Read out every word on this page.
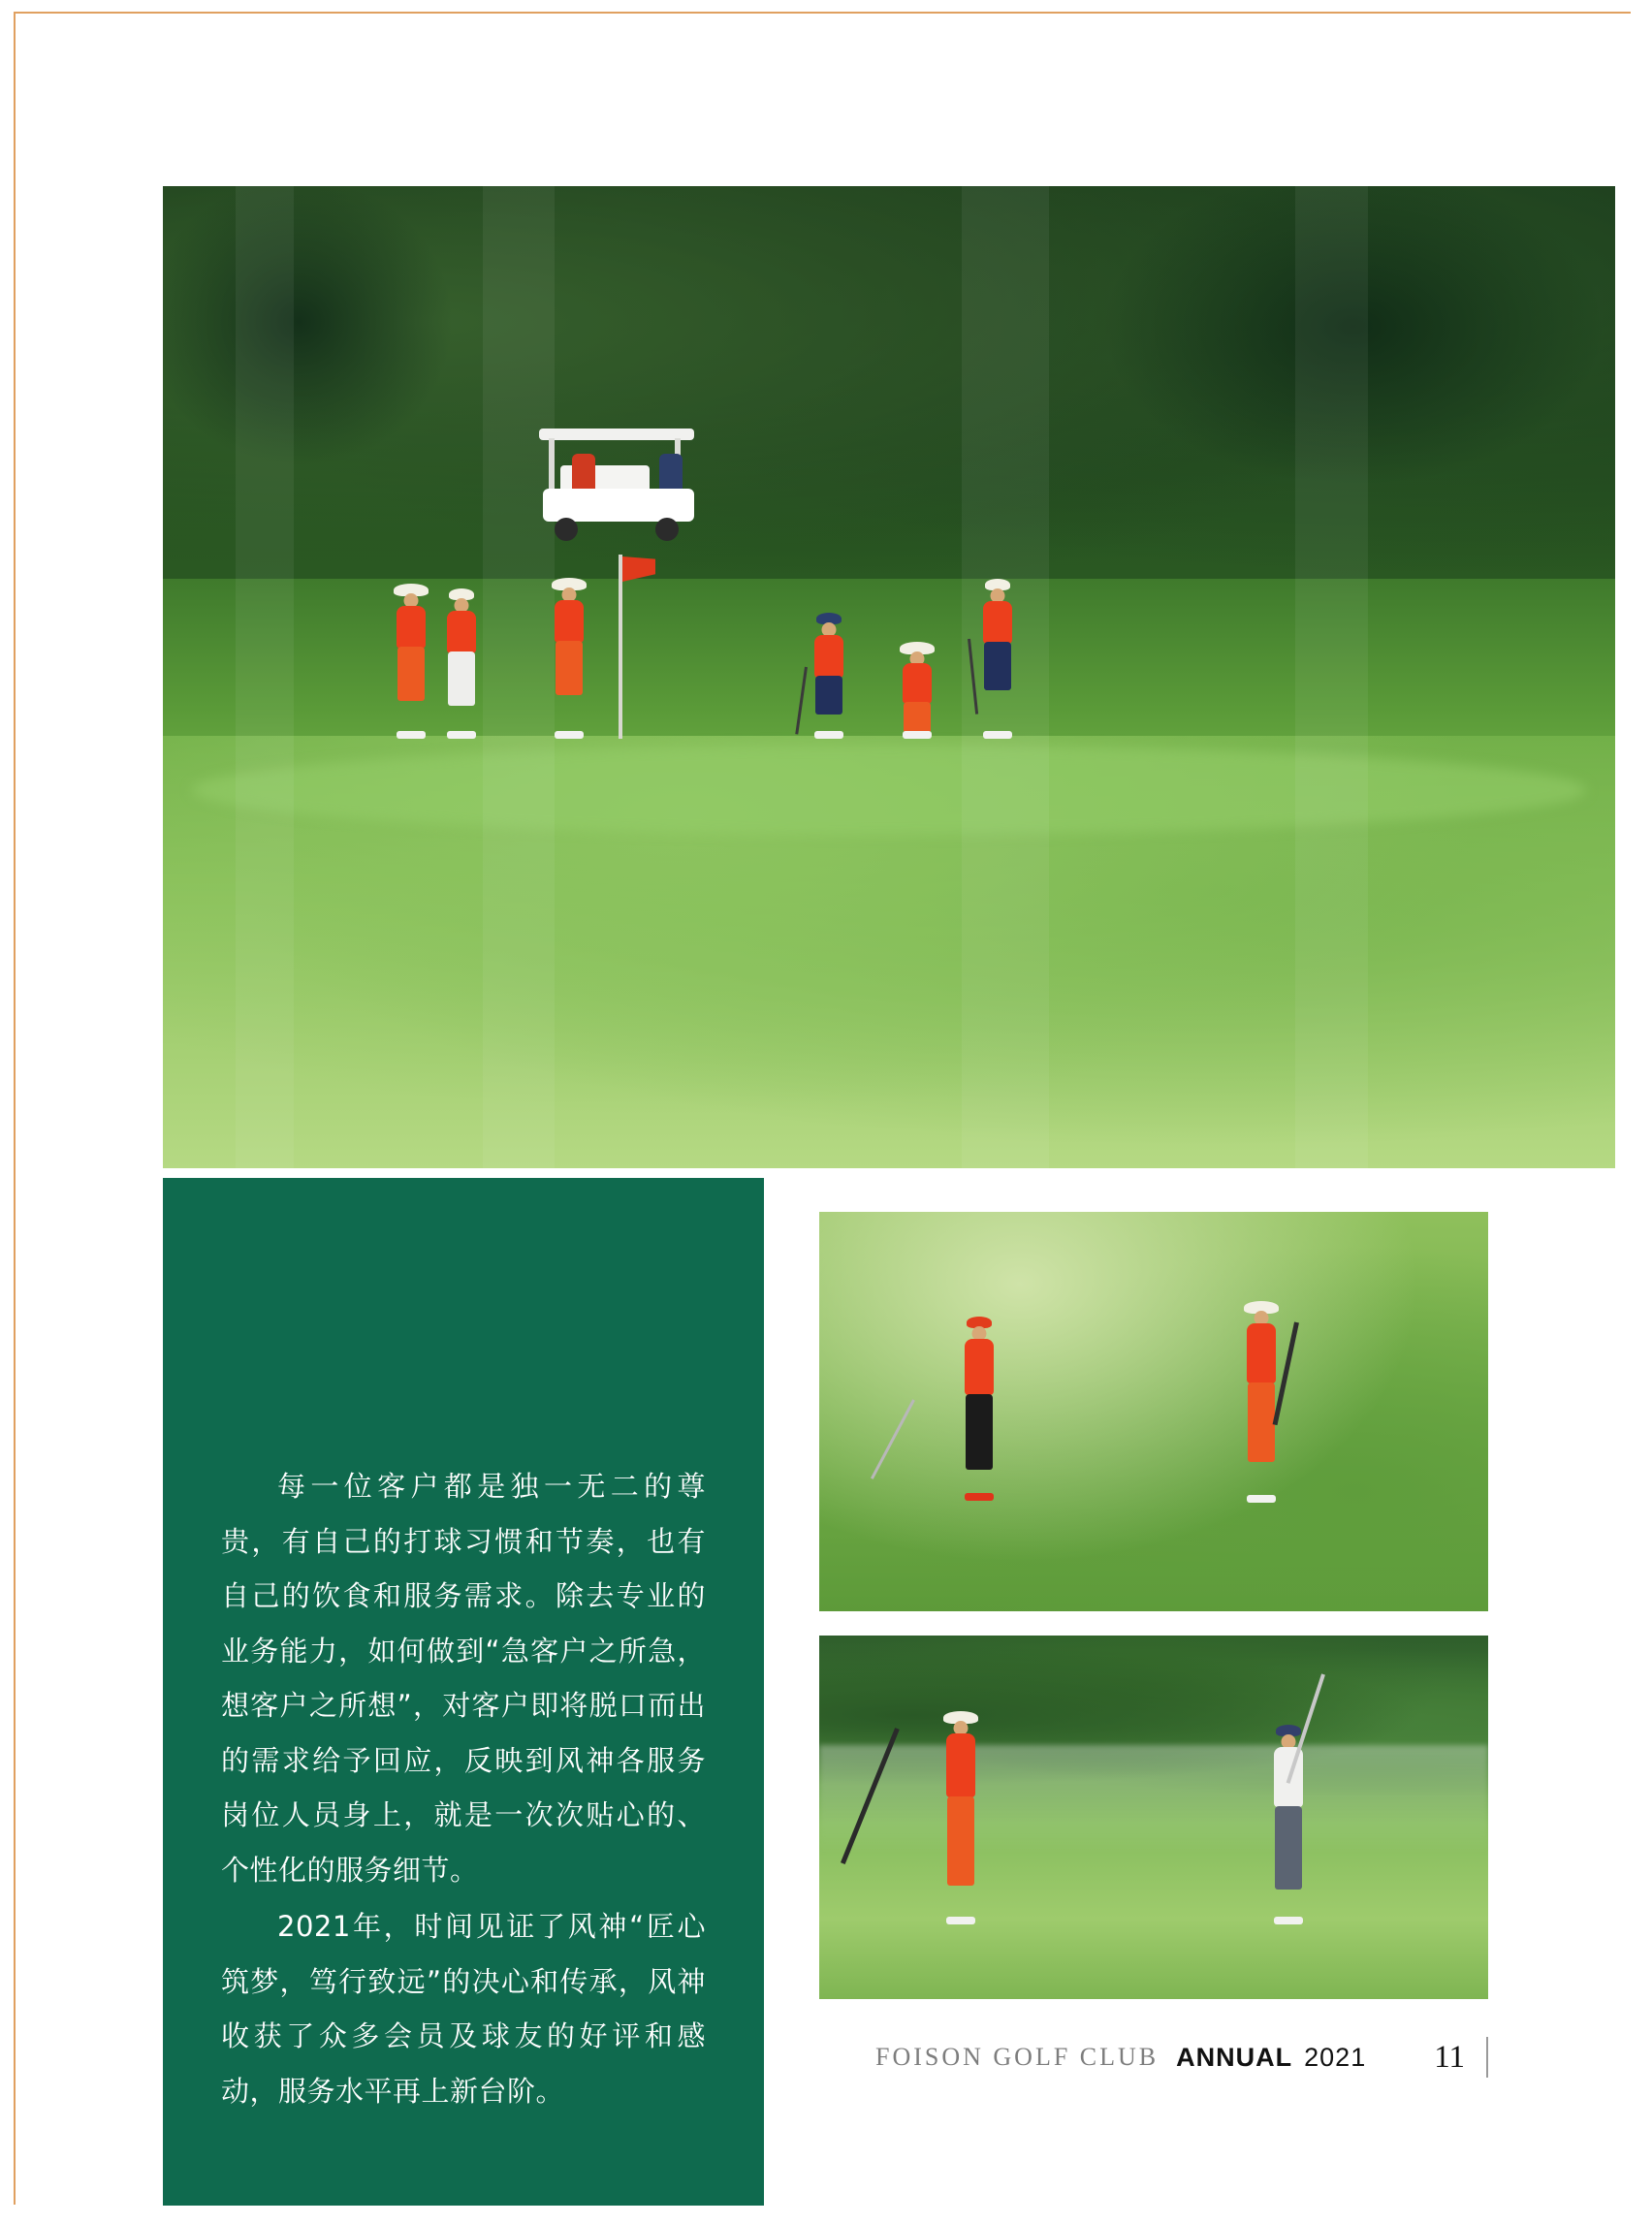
每一位客户都是独一无二的尊贵，有自己的打球习惯和节奏，也有自己的饮食和服务需求。除去专业的业务能力，如何做到“急客户之所急，想客户之所想”，对客户即将脱口而出的需求给予回应，反映到风神各服务岗位人员身上，就是一次次贴心的、个性化的服务细节。

2021年，时间见证了风神“匠心筑梦，笃行致远”的决心和传承，风神收获了众多会员及球友的好评和感动，服务水平再上新台阶。

FOISON GOLF CLUB ANNUAL 2021 11
